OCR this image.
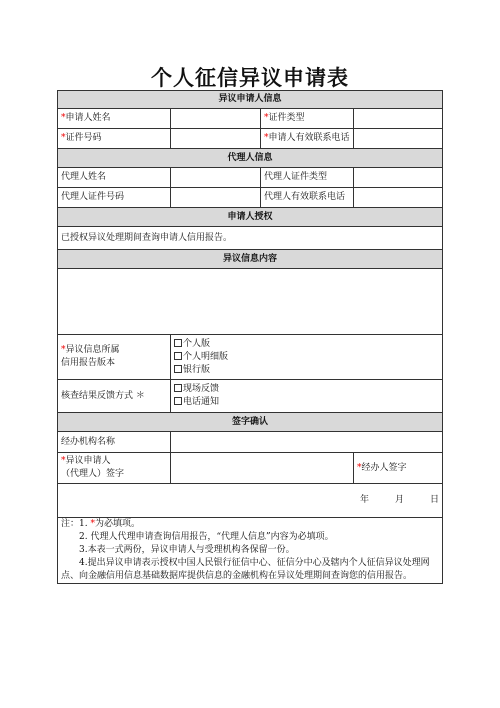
个人征信异议申请表
异议申请人信息			
*申请人姓名		*证件类型	
*证件号码		*申请人有效联系电话	
代理人信息			
代理人姓名		代理人证件类型	
代理人证件号码		代理人有效联系电话	
申请人授权			
已授权异议处理期间查询申请人信用报告。			
异议信息内容			

*异议信息所属
信用报告版本	个人版
个人明细版
银行版		

核查结果反馈方式 ＊	现场反馈
电话通知		

签字确认			
经办机构名称			
*异议申请人
（代理人）签字			*经办人签字
年 月 日			

注：1. *为必填项。
2. 代理人代理申请查询信用报告，“代理人信息”内容为必填项。
3.本表一式两份，异议申请人与受理机构各保留一份。
4.提出异议申请表示授权中国人民银行征信中心、征信分中心及辖内个人征信异议处理网点、向金融信用信息基础数据库提供信息的金融机构在异议处理期间查询您的信用报告。			
